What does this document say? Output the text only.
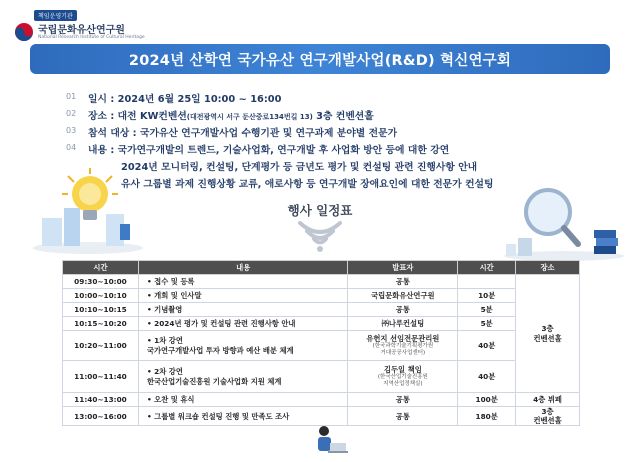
책임운영기관
국립문화유산연구원
National Research Institute of Cultural Heritage
2024년 산학연 국가유산 연구개발사업(R&D) 혁신연구회
01 일시 : 2024년 6월 25일 10:00 ~ 16:00
02 장소 : 대전 KW컨벤션(대전광역시 서구 둔산중로134번길 13) 3층 컨벤션홀
03 참석 대상 : 국가유산 연구개발사업 수행기관 및 연구과제 분야별 전문가
04 내용 : 국가연구개발의 트렌드, 기술사업화, 연구개발 후 사업화 방안 등에 대한 강연
2024년 모니터링, 컨설팅, 단계평가 등 금년도 평가 및 컨설팅 관련 진행사항 안내
유사 그룹별 과제 진행상황 교류, 애로사항 등 연구개발 장애요인에 대한 전문가 컨설팅
행사 일정표
시간	내용	발표자	시간	장소
09:30~10:00	• 접수 및 등록	공통		3층
컨벤션홀
10:00~10:10	• 개회 및 인사말	국립문화유산연구원	10분	
10:10~10:15	• 기념촬영	공통	5분	
10:15~10:20	• 2024년 평가 및 컨설팅 관련 진행사항 안내	㈜나루컨설팅	5분	
10:20~11:00	• 1차 강연
국가연구개발사업 투자 방향과 예산 배분 체계	유헌지 선임전문관리원
(한국과학기술기획평가원
거대공공사업센터)	40분	
11:00~11:40	• 2차 강연
한국산업기술진흥원 기술사업화 지원 체계	김두일 책임
(한국산업기술진흥원
지역산업정책실)	40분	
11:40~13:00	• 오찬 및 휴식	공통	100분	4층 뷔페
13:00~16:00	• 그룹별 워크숍 컨설팅 진행 및 만족도 조사	공통	180분	3층
컨벤션홀
